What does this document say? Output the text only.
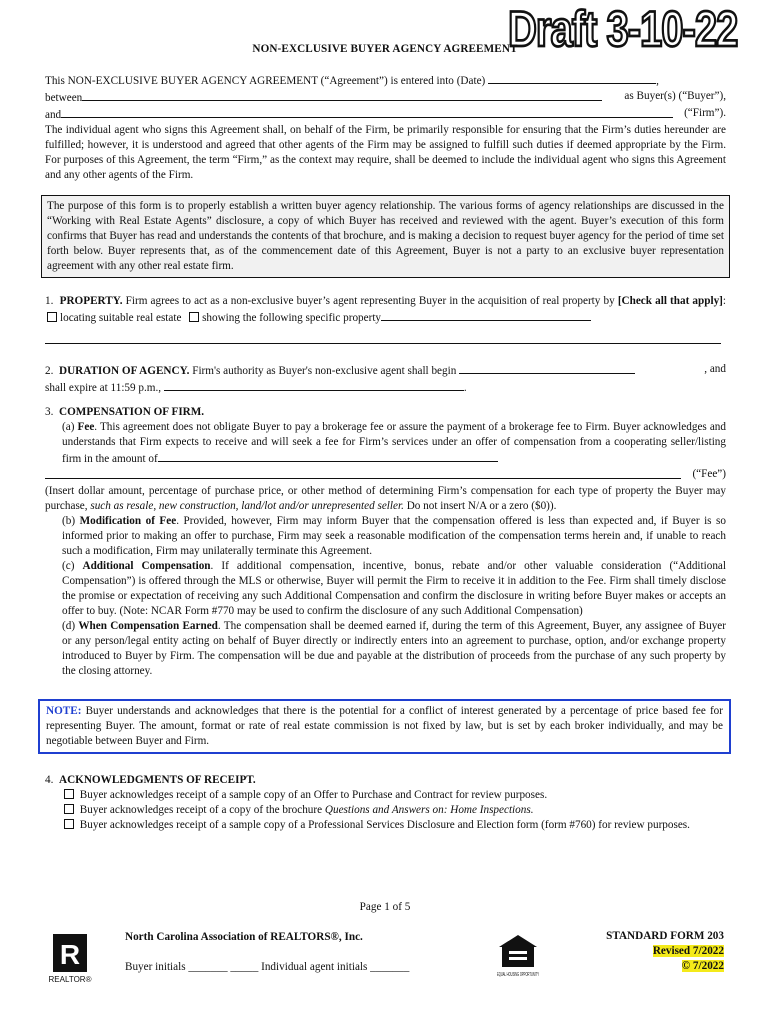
Draft 3-10-22
NON-EXCLUSIVE BUYER AGENCY AGREEMENT
This NON-EXCLUSIVE BUYER AGENCY AGREEMENT (“Agreement”) is entered into (Date)	,
between	as Buyer(s) (“Buyer”),
and	(“Firm”).
The individual agent who signs this Agreement shall, on behalf of the Firm, be primarily responsible for ensuring that the Firm’s duties hereunder are fulfilled; however, it is understood and agreed that other agents of the Firm may be assigned to fulfill such duties if deemed appropriate by the Firm. For purposes of this Agreement, the term “Firm,” as the context may require, shall be deemed to include the individual agent who signs this Agreement and any other agents of the Firm.
The purpose of this form is to properly establish a written buyer agency relationship. The various forms of agency relationships are discussed in the “Working with Real Estate Agents” disclosure, a copy of which Buyer has received and reviewed with the agent. Buyer’s execution of this form confirms that Buyer has read and understands the contents of that brochure, and is making a decision to request buyer agency for the period of time set forth below. Buyer represents that, as of the commencement date of this Agreement, Buyer is not a party to an exclusive buyer representation agreement with any other real estate firm.
1. PROPERTY. Firm agrees to act as a non-exclusive buyer’s agent representing Buyer in the acquisition of real property by [Check all that apply]: locating suitable real estate showing the following specific property
2. DURATION OF AGENCY. Firm's authority as Buyer's non-exclusive agent shall begin	, and
shall expire at 11:59 p.m.,	.
3. COMPENSATION OF FIRM.
(a) Fee. This agreement does not obligate Buyer to pay a brokerage fee or assure the payment of a brokerage fee to Firm. Buyer acknowledges and understands that Firm expects to receive and will seek a fee for Firm’s services under an offer of compensation from a cooperating seller/listing firm in the amount of
(“Fee”)
(Insert dollar amount, percentage of purchase price, or other method of determining Firm’s compensation for each type of property the Buyer may purchase, such as resale, new construction, land/lot and/or unrepresented seller. Do not insert N/A or a zero ($0)).
(b) Modification of Fee. Provided, however, Firm may inform Buyer that the compensation offered is less than expected and, if Buyer is so informed prior to making an offer to purchase, Firm may seek a reasonable modification of the compensation terms herein and, if unable to reach such a modification, Firm may unilaterally terminate this Agreement.
(c) Additional Compensation. If additional compensation, incentive, bonus, rebate and/or other valuable consideration (“Additional Compensation”) is offered through the MLS or otherwise, Buyer will permit the Firm to receive it in addition to the Fee. Firm shall timely disclose the promise or expectation of receiving any such Additional Compensation and confirm the disclosure in writing before Buyer makes or accepts an offer to buy. (Note: NCAR Form #770 may be used to confirm the disclosure of any such Additional Compensation)
(d) When Compensation Earned. The compensation shall be deemed earned if, during the term of this Agreement, Buyer, any assignee of Buyer or any person/legal entity acting on behalf of Buyer directly or indirectly enters into an agreement to purchase, option, and/or exchange property introduced to Buyer by Firm. The compensation will be due and payable at the distribution of proceeds from the purchase of any such property by the closing attorney.
NOTE: Buyer understands and acknowledges that there is the potential for a conflict of interest generated by a percentage of price based fee for representing Buyer. The amount, format or rate of real estate commission is not fixed by law, but is set by each broker individually, and may be negotiable between Buyer and Firm.
4. ACKNOWLEDGMENTS OF RECEIPT.
Buyer acknowledges receipt of a sample copy of an Offer to Purchase and Contract for review purposes.
Buyer acknowledges receipt of a copy of the brochure Questions and Answers on: Home Inspections.
Buyer acknowledges receipt of a sample copy of a Professional Services Disclosure and Election form (form #760) for review purposes.
Page 1 of 5
R
REALTOR®
North Carolina Association of REALTORS®, Inc.
Buyer initials _______ _____ Individual agent initials _______
EQUAL HOUSING OPPORTUNITY
STANDARD FORM 203
Revised 7/2022
© 7/2022
